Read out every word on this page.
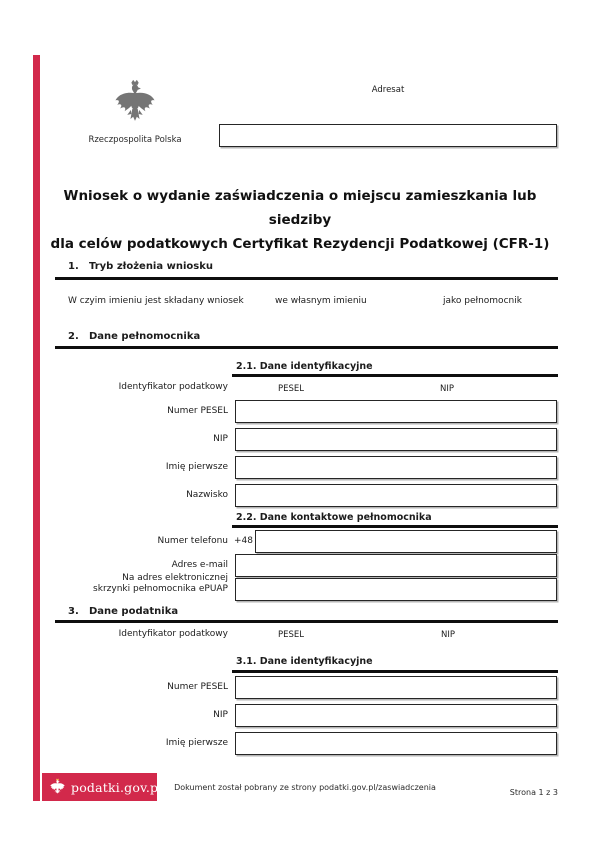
Rzeczpospolita Polska
Adresat
Wniosek o wydanie zaświadczenia o miejscu zamieszkania lub siedziby
dla celów podatkowych Certyfikat Rezydencji Podatkowej (CFR-1)
1. Tryb złożenia wniosku
W czyim imieniu jest składany wniosek	we własnym imieniu	jako pełnomocnik
2. Dane pełnomocnika
2.1. Dane identyfikacyjne
Identyfikator podatkowy	PESEL	NIP
Numer PESEL
NIP
Imię pierwsze
Nazwisko
2.2. Dane kontaktowe pełnomocnika
Numer telefonu +48
Adres e-mail
Na adres elektronicznej
skrzynki pełnomocnika ePUAP
3. Dane podatnika
Identyfikator podatkowy	PESEL	NIP
3.1. Dane identyfikacyjne
Numer PESEL
NIP
Imię pierwsze
podatki.gov.pl	Dokument został pobrany ze strony podatki.gov.pl/zaswiadczenia
Strona 1 z 3
